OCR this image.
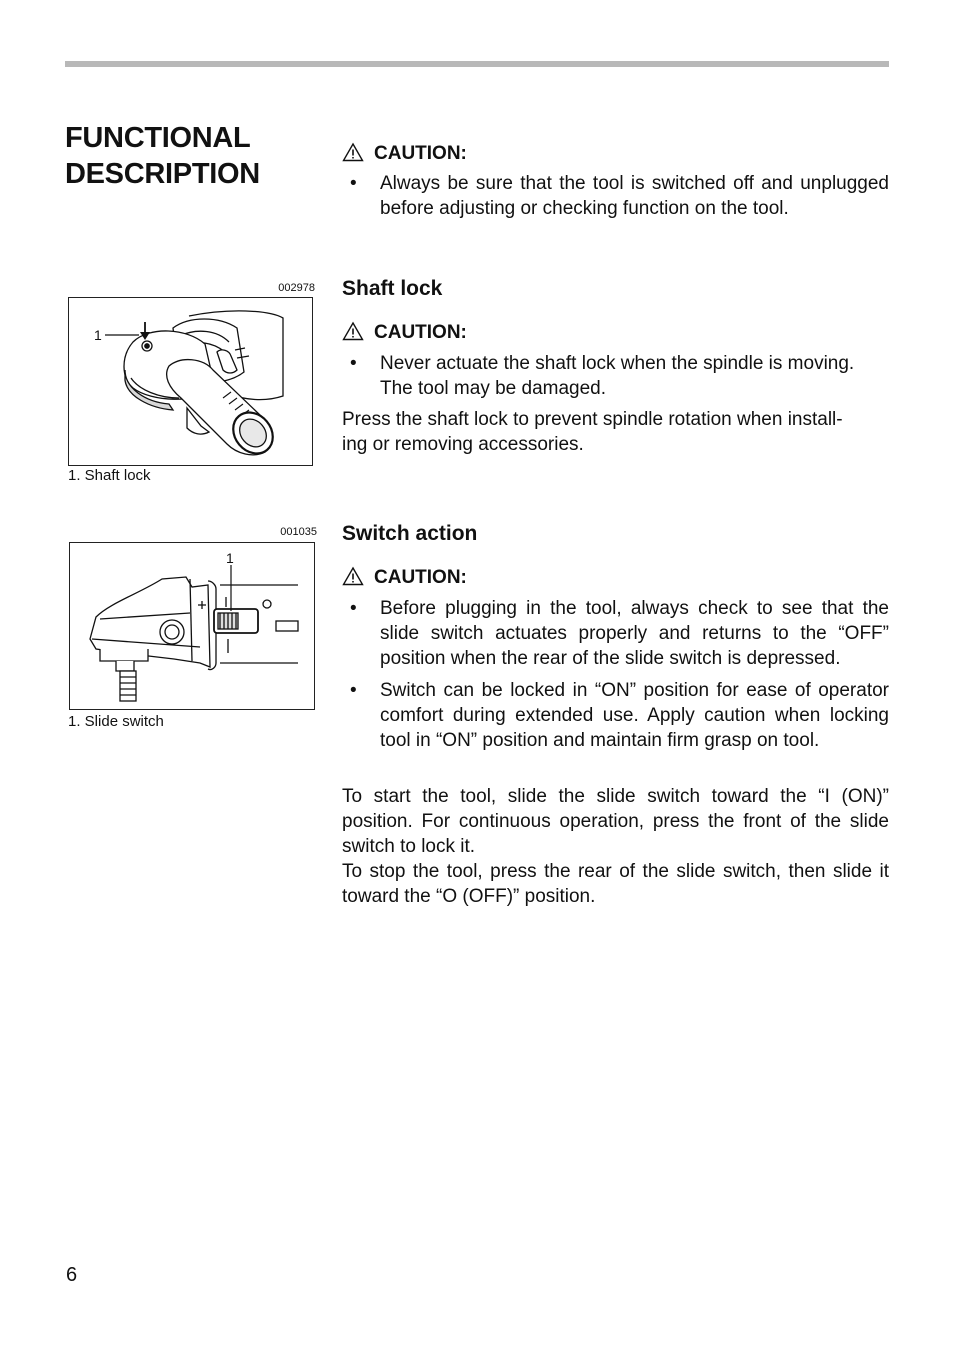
FUNCTIONAL
DESCRIPTION
CAUTION:
• Always be sure that the tool is switched off and unplugged before adjusting or checking function on the tool.
002978
1
1. Shaft lock
Shaft lock
CAUTION:
• Never actuate the shaft lock when the spindle is moving. The tool may be damaged.

Press the shaft lock to prevent spindle rotation when install-
ing or removing accessories.

001035
1
1. Slide switch
Switch action
CAUTION:
• Before plugging in the tool, always check to see that the slide switch actuates properly and returns to the “OFF” position when the rear of the slide switch is depressed.
• Switch can be locked in “ON” position for ease of operator comfort during extended use. Apply caution when locking tool in “ON” position and maintain firm grasp on tool.

To start the tool, slide the slide switch toward the “I (ON)” position. For continuous operation, press the front of the slide switch to lock it.
To stop the tool, press the rear of the slide switch, then slide it toward the “O (OFF)” position.

6
